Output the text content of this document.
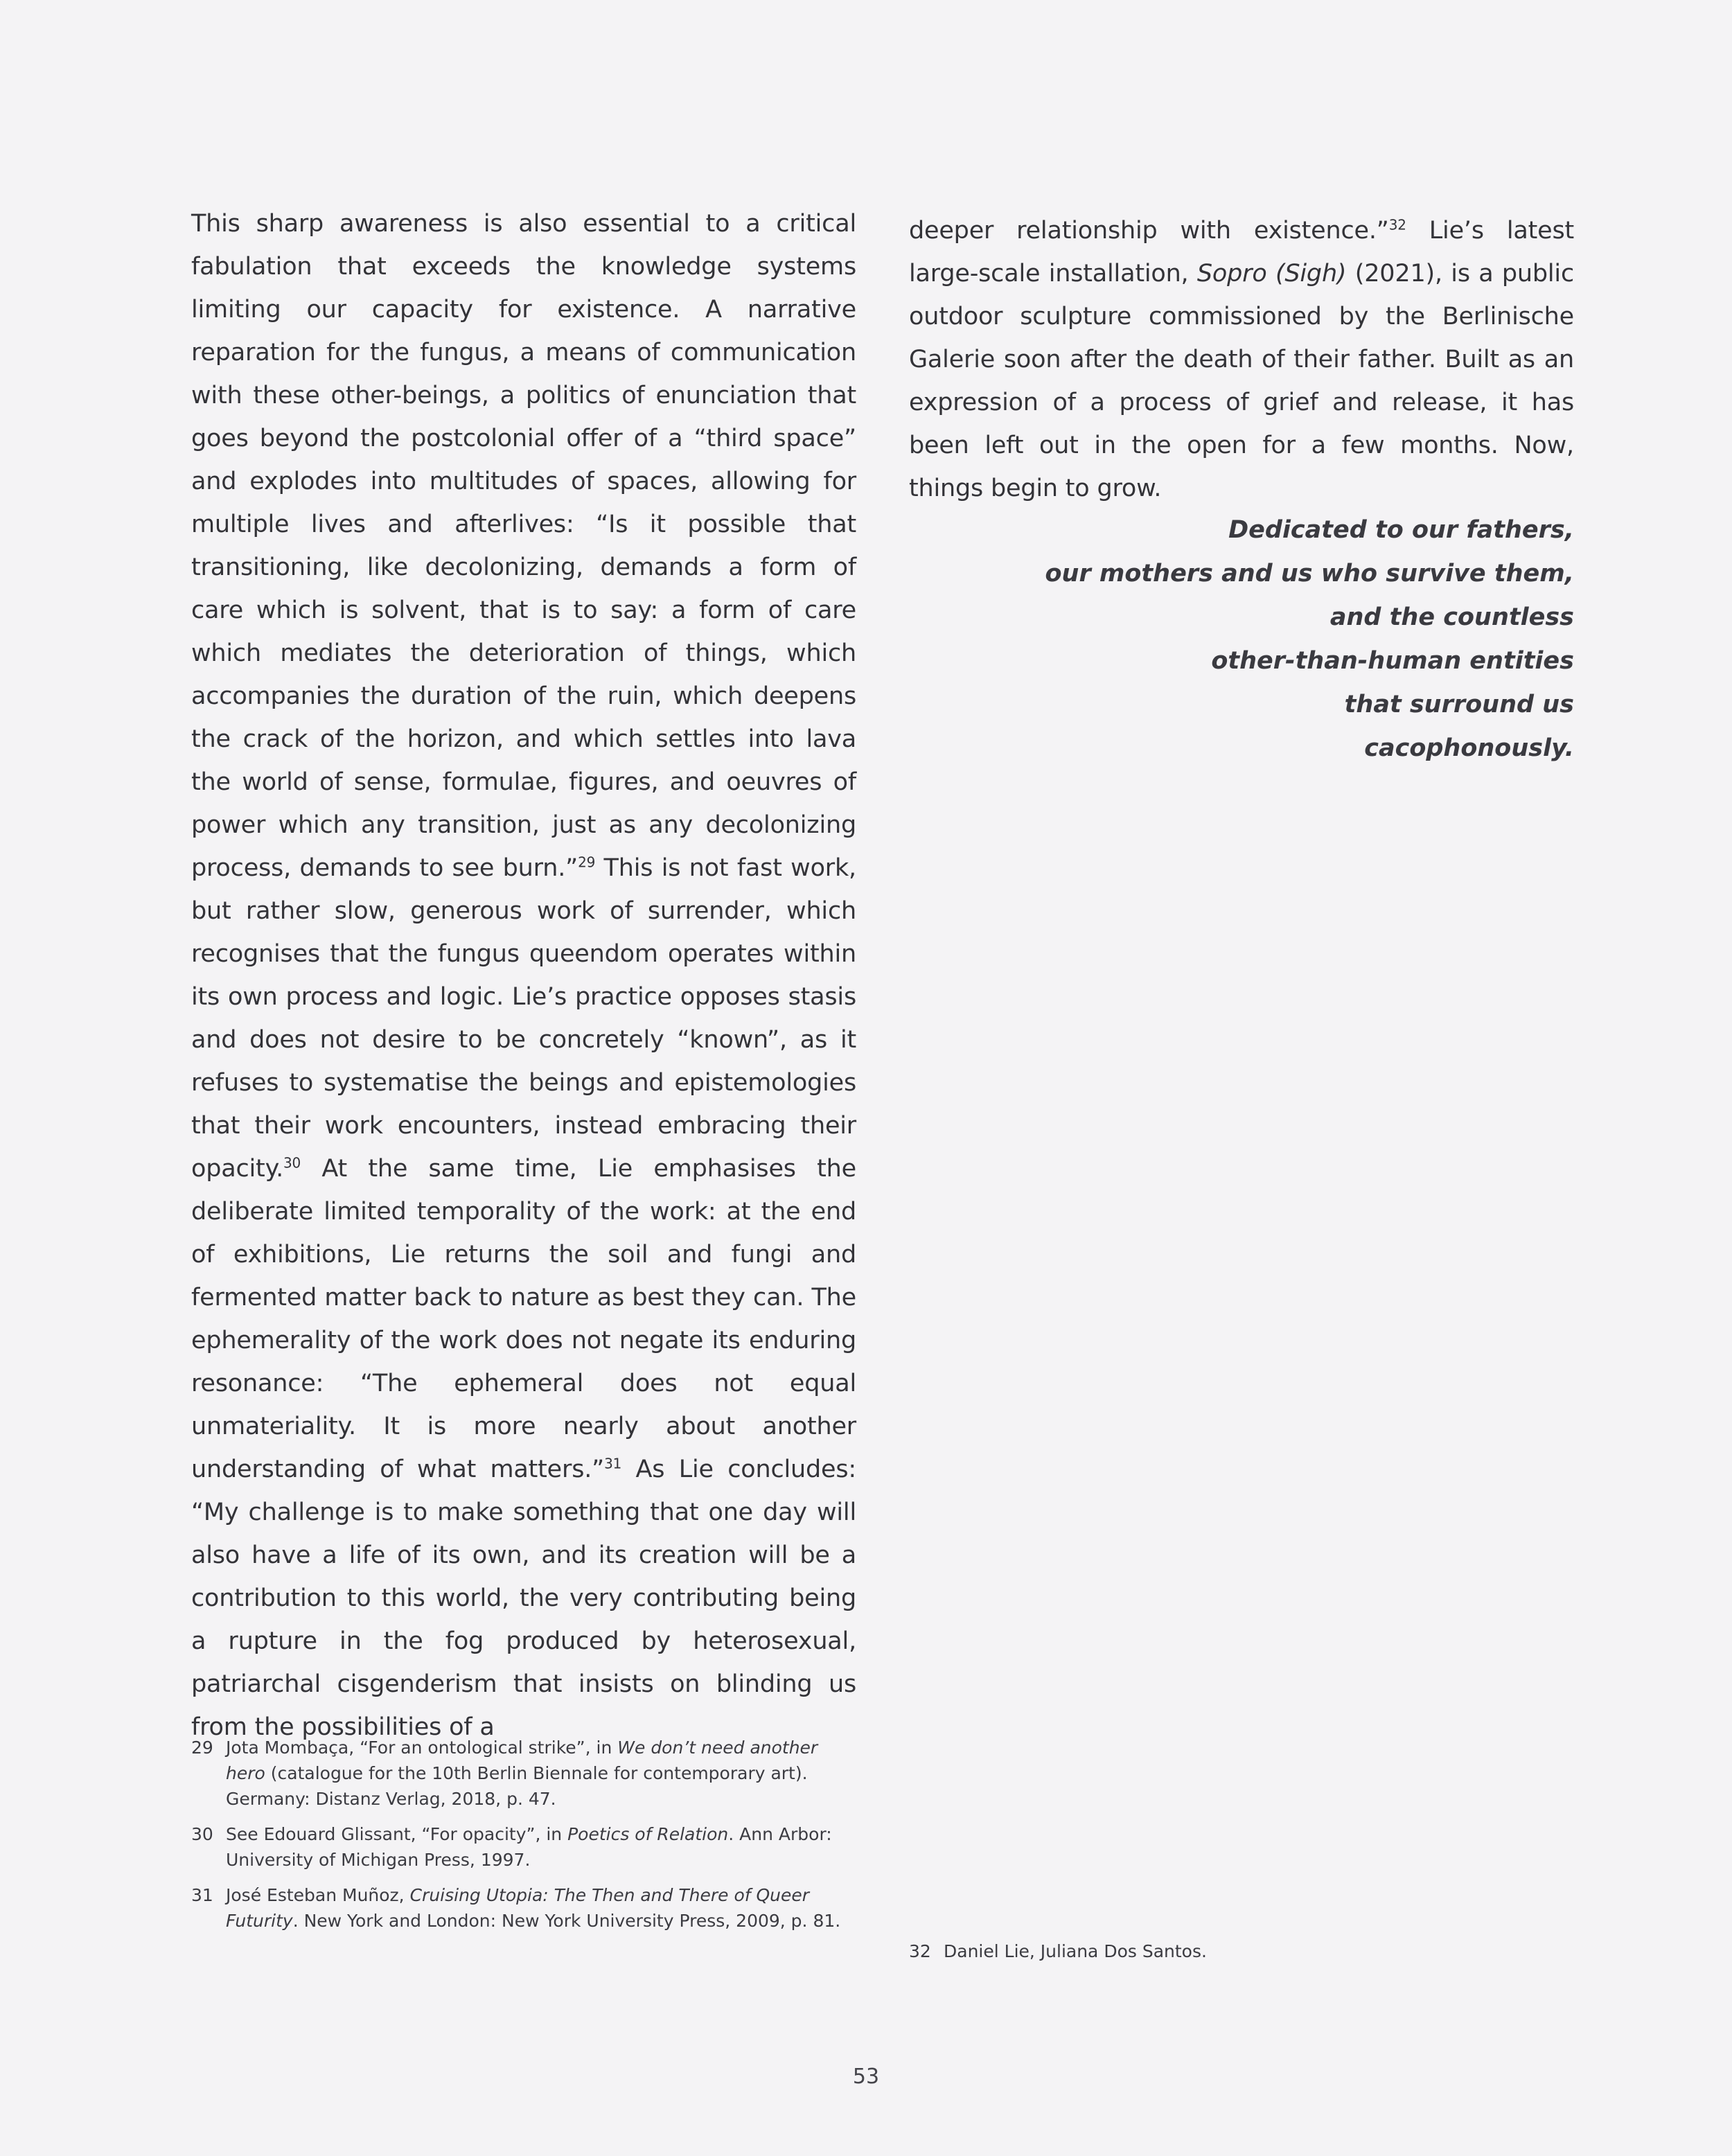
This sharp awareness is also essential to a critical fabulation that exceeds the knowledge systems limiting our capacity for existence. A narrative reparation for the fungus, a means of communication with these other-beings, a politics of enunciation that goes beyond the postcolonial offer of a “third space” and explodes into multitudes of spaces, allowing for multiple lives and afterlives: “Is it possible that transitioning, like decolonizing, demands a form of care which is solvent, that is to say: a form of care which mediates the deterioration of things, which accompanies the duration of the ruin, which deepens the crack of the horizon, and which settles into lava the world of sense, formulae, figures, and oeuvres of power which any transition, just as any decolonizing process, demands to see burn.”$^{29}$ This is not fast work, but rather slow, generous work of surrender, which recognises that the fungus queendom operates within its own process and logic. Lie’s practice opposes stasis and does not desire to be concretely “known”, as it refuses to systematise the beings and epistemologies that their work encounters, instead embracing their opacity.$^{30}$ At the same time, Lie emphasises the deliberate limited temporality of the work: at the end of exhibitions, Lie returns the soil and fungi and fermented matter back to nature as best they can. The ephemerality of the work does not negate its enduring resonance: “The ephemeral does not equal unmateriality. It is more nearly about another understanding of what matters.”$^{31}$ As Lie concludes: “My challenge is to make something that one day will also have a life of its own, and its creation will be a contribution to this world, the very contributing being a rupture in the fog produced by heterosexual, patriarchal cisgenderism that insists on blinding us from the possibilities of a

deeper relationship with existence.”$^{32}$ Lie’s latest large-scale installation, Sopro (Sigh) (2021), is a public outdoor sculpture commissioned by the Berlinische Galerie soon after the death of their father. Built as an expression of a process of grief and release, it has been left out in the open for a few months. Now, things begin to grow.

Dedicated to our fathers,
our mothers and us who survive them,
and the countless
other-than-human entities
that surround us
cacophonously.
29 Jota Mombaça, “For an ontological strike”, in We don’t need another hero (catalogue for the 10th Berlin Biennale for contemporary art). Germany: Distanz Verlag, 2018, p. 47.
30 See Edouard Glissant, “For opacity”, in Poetics of Relation. Ann Arbor: University of Michigan Press, 1997.
31 José Esteban Muñoz, Cruising Utopia: The Then and There of Queer Futurity. New York and London: New York University Press, 2009, p. 81.
32 Daniel Lie, Juliana Dos Santos.
53
